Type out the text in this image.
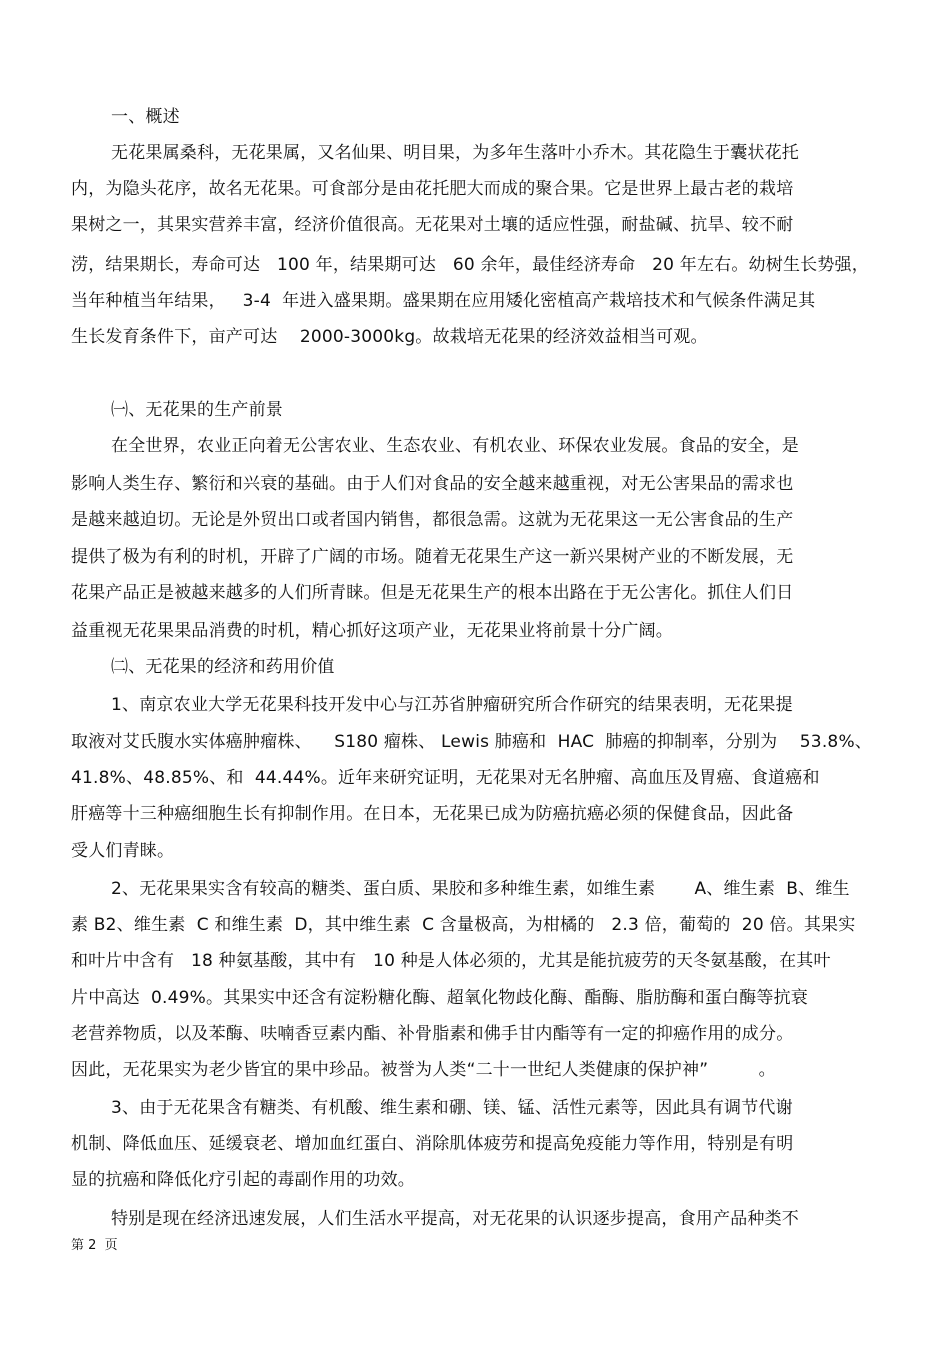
一、概述
无花果属桑科，无花果属，又名仙果、明目果，为多年生落叶小乔木。其花隐生于囊状花托
内，为隐头花序，故名无花果。可食部分是由花托肥大而成的聚合果。它是世界上最古老的栽培
果树之一，其果实营养丰富，经济价值很高。无花果对土壤的适应性强，耐盐碱、抗旱、较不耐
涝，结果期长，寿命可达   100 年，结果期可达   60 余年，最佳经济寿命   20 年左右。幼树生长势强，
当年种植当年结果，   3-4  年进入盛果期。盛果期在应用矮化密植高产栽培技术和气候条件满足其
生长发育条件下，亩产可达    2000-3000kg。故栽培无花果的经济效益相当可观。
㈠、无花果的生产前景
在全世界，农业正向着无公害农业、生态农业、有机农业、环保农业发展。食品的安全，是
影响人类生存、繁衍和兴衰的基础。由于人们对食品的安全越来越重视，对无公害果品的需求也
是越来越迫切。无论是外贸出口或者国内销售，都很急需。这就为无花果这一无公害食品的生产
提供了极为有利的时机，开辟了广阔的市场。随着无花果生产这一新兴果树产业的不断发展，无
花果产品正是被越来越多的人们所青睐。但是无花果生产的根本出路在于无公害化。抓住人们日
益重视无花果果品消费的时机，精心抓好这项产业，无花果业将前景十分广阔。
㈡、无花果的经济和药用价值
1、南京农业大学无花果科技开发中心与江苏省肿瘤研究所合作研究的结果表明，无花果提
取液对艾氏腹水实体癌肿瘤株、    S180 瘤株、 Lewis 肺癌和  HAC  肺癌的抑制率，分别为    53.8%、
41.8%、48.85%、和  44.44%。近年来研究证明，无花果对无名肿瘤、高血压及胃癌、食道癌和
肝癌等十三种癌细胞生长有抑制作用。在日本，无花果已成为防癌抗癌必须的保健食品，因此备
受人们青睐。
2、无花果果实含有较高的糖类、蛋白质、果胶和多种维生素，如维生素       A、维生素  B、维生
素 B2、维生素  C 和维生素  D，其中维生素  C 含量极高，为柑橘的   2.3 倍，葡萄的  20 倍。其果实
和叶片中含有   18 种氨基酸，其中有   10 种是人体必须的，尤其是能抗疲劳的天冬氨基酸，在其叶
片中高达  0.49%。其果实中还含有淀粉糖化酶、超氧化物歧化酶、酯酶、脂肪酶和蛋白酶等抗衰
老营养物质，以及苯酶、呋喃香豆素内酯、补骨脂素和佛手甘内酯等有一定的抑癌作用的成分。
因此，无花果实为老少皆宜的果中珍品。被誉为人类“二十一世纪人类健康的保护神”         。
3、由于无花果含有糖类、有机酸、维生素和硼、镁、锰、活性元素等，因此具有调节代谢
机制、降低血压、延缓衰老、增加血红蛋白、消除肌体疲劳和提高免疫能力等作用，特别是有明
显的抗癌和降低化疗引起的毒副作用的功效。
特别是现在经济迅速发展，人们生活水平提高，对无花果的认识逐步提高，食用产品种类不
第 2  页
